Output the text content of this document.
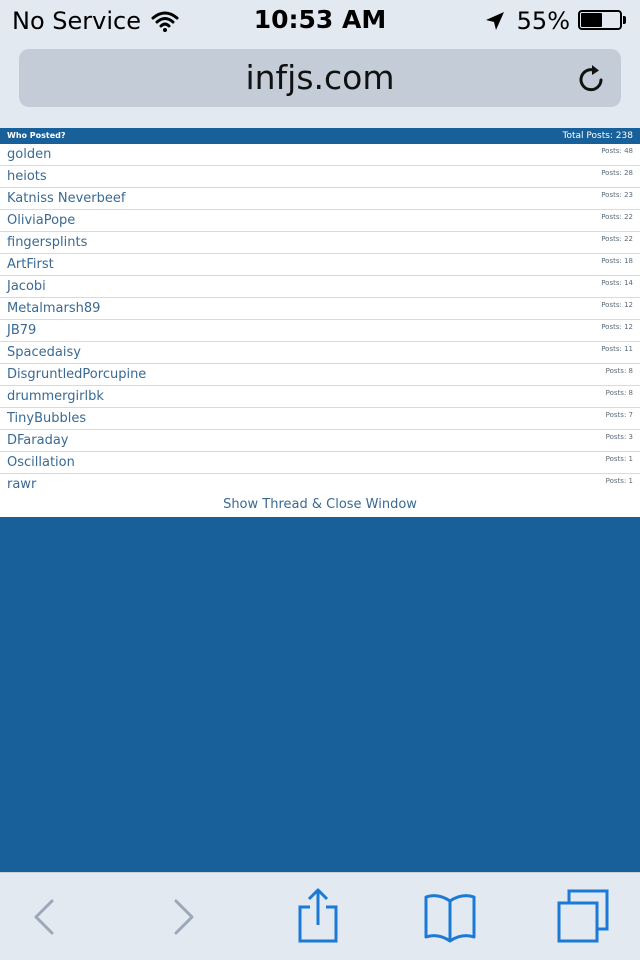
No Service	10:53 AM	55%
infjs.com
Who Posted?	Total Posts: 238
golden	Posts: 48
heiots	Posts: 28
Katniss Neverbeef	Posts: 23
OliviaPope	Posts: 22
fingersplints	Posts: 22
ArtFirst	Posts: 18
Jacobi	Posts: 14
Metalmarsh89	Posts: 12
JB79	Posts: 12
Spacedaisy	Posts: 11
DisgruntledPorcupine	Posts: 8
drummergirlbk	Posts: 8
TinyBubbles	Posts: 7
DFaraday	Posts: 3
Oscillation	Posts: 1
rawr	Posts: 1
Show Thread & Close Window
